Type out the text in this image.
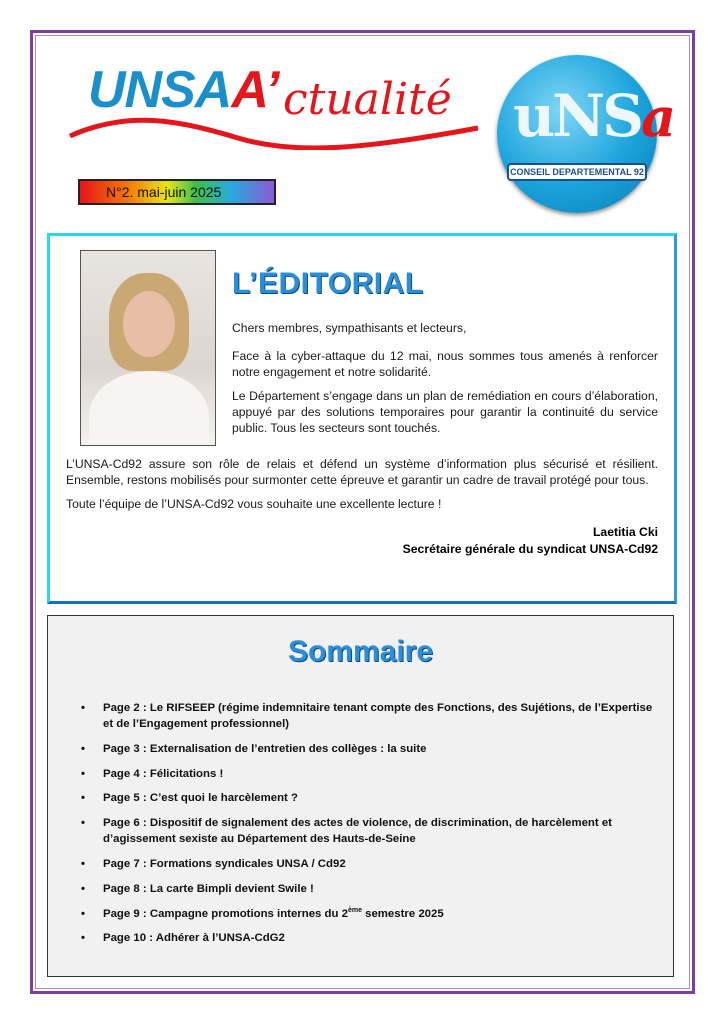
UNSAA’ ctualité
N°2. mai-juin 2025
uNSa
CONSEIL DEPARTEMENTAL 92
L’ÉDITORIAL
Chers membres, sympathisants et lecteurs,
Face à la cyber-attaque du 12 mai, nous sommes tous amenés à renforcer notre engagement et notre solidarité.
Le Département s’engage dans un plan de remédiation en cours d’élaboration, appuyé par des solutions temporaires pour garantir la continuité du service public. Tous les secteurs sont touchés.
L’UNSA-Cd92 assure son rôle de relais et défend un système d’information plus sécurisé et résilient. Ensemble, restons mobilisés pour surmonter cette épreuve et garantir un cadre de travail protégé pour tous.
Toute l’équipe de l’UNSA-Cd92 vous souhaite une excellente lecture !
Laetitia Cki
Secrétaire générale du syndicat UNSA-Cd92
Sommaire
• Page 2 : Le RIFSEEP (régime indemnitaire tenant compte des Fonctions, des Sujétions, de l’Expertise et de l’Engagement professionnel)
• Page 3 : Externalisation de l’entretien des collèges : la suite
• Page 4 : Félicitations !
• Page 5 : C’est quoi le harcèlement ?
• Page 6 : Dispositif de signalement des actes de violence, de discrimination, de harcèlement et d’agissement sexiste au Département des Hauts-de-Seine
• Page 7 : Formations syndicales UNSA / Cd92
• Page 8 : La carte Bimpli devient Swile !
• Page 9 : Campagne promotions internes du 2ème semestre 2025
• Page 10 : Adhérer à l’UNSA-CdG2
